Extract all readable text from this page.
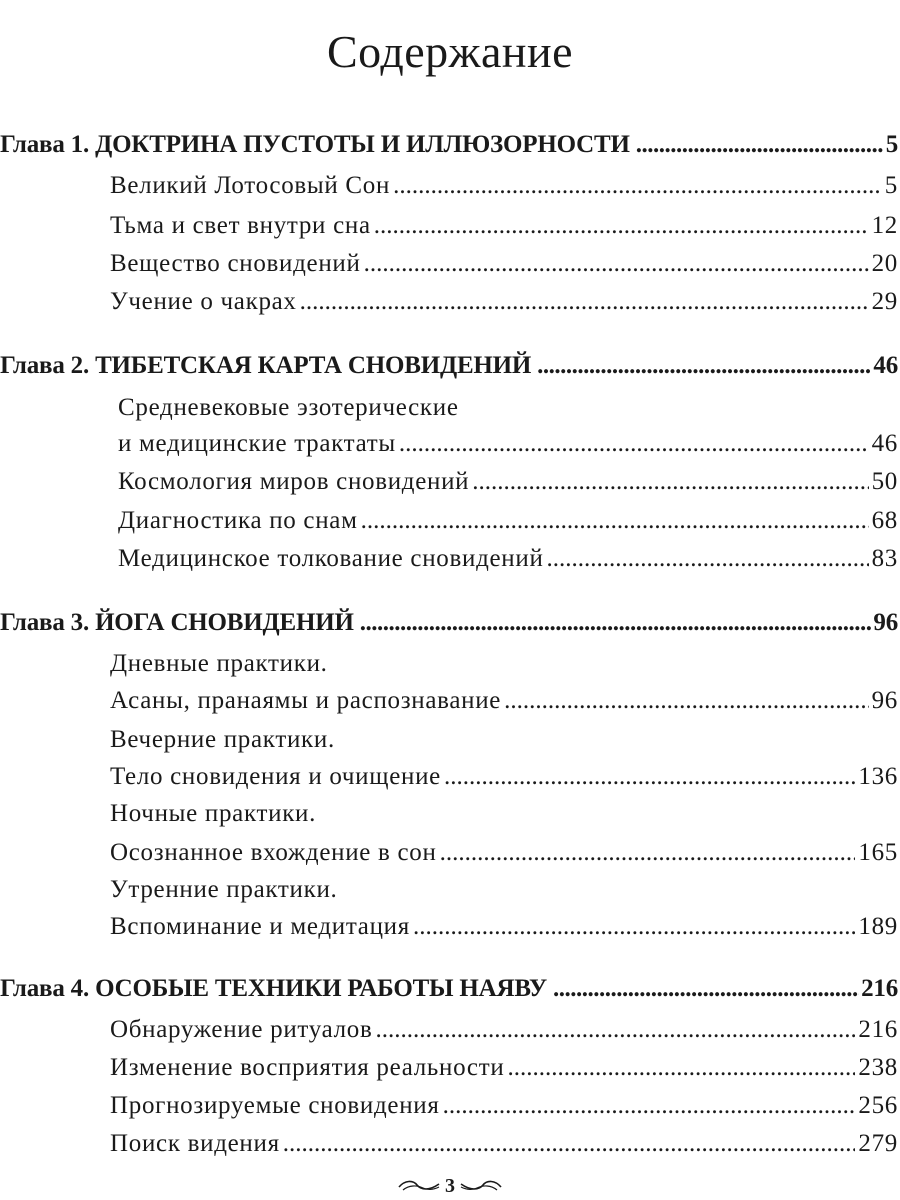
Содержание
Глава 1. ДОКТРИНА ПУСТОТЫ И ИЛЛЮЗОРНОСТИ .....	5
Великий Лотосовый Сон .....	5
Тьма и свет внутри сна .....	12
Вещество сновидений .....	20
Учение о чакрах .....	29
Глава 2. ТИБЕТСКАЯ КАРТА СНОВИДЕНИЙ .....	46
Средневековые эзотерические
и медицинские трактаты .....	46
Космология миров сновидений .....	50
Диагностика по снам .....	68
Медицинское толкование сновидений .....	83
Глава 3. ЙОГА СНОВИДЕНИЙ .....	96
Дневные практики.
Асаны, пранаямы и распознавание .....	96
Вечерние практики.
Тело сновидения и очищение .....	136
Ночные практики.
Осознанное вхождение в сон .....	165
Утренние практики.
Вспоминание и медитация .....	189
Глава 4. ОСОБЫЕ ТЕХНИКИ РАБОТЫ НАЯВУ .....	216
Обнаружение ритуалов .....	216
Изменение восприятия реальности .....	238
Прогнозируемые сновидения .....	256
Поиск видения .....	279
3
